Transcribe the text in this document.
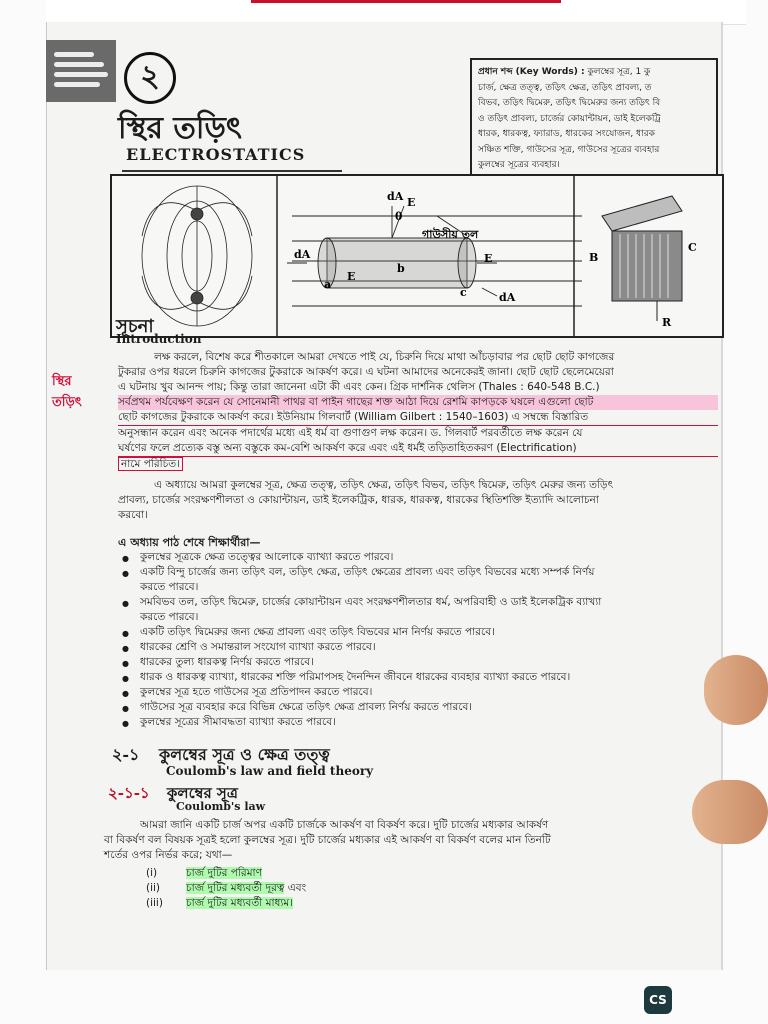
২
স্থির তড়িৎ
ELECTROSTATICS
প্রধান শব্দ (Key Words) : কুলম্বের সূত্র, 1 কু
চার্জ, ক্ষেত্র তত্ত্ব, তড়িৎ ক্ষেত্র, তড়িৎ প্রাবল্য, ত
বিভব, তড়িৎ দ্বিমেরু, তড়িৎ দ্বিমেরুর জন্য তড়িৎ বি
ও তড়িৎ প্রাবল্য, চার্জের কোয়ান্টায়ন, ডাই ইলেকট্রি
ধারক, ধারকত্ব, ফ্যারাড, ধারকের সংযোজন, ধারক
সঞ্চিত শক্তি, গাউসের সূত্র, গাউসের সূত্রের ব্যবহার
কুলম্বের সূত্রের ব্যবহার।
গাউসীয় তল
dA
dA
dA
E
E
E
θ
a
b
c
B
C
R
সূচনা
Introduction
স্থির
তড়িৎ
লক্ষ করলে, বিশেষ করে শীতকালে আমরা দেখতে পাই যে, চিরুনি দিয়ে মাথা আঁচড়াবার পর ছোট ছোট কাগজের
টুকরার ওপর ধরলে চিরুনি কাগজের টুকরাকে আকর্ষণ করে। এ ঘটনা আমাদের অনেকেরই জানা। ছোট ছোট ছেলেমেয়েরা
এ ঘটনায় খুব আনন্দ পায়; কিন্তু তারা জানেনা এটা কী এবং কেন। গ্রিক দার্শনিক থেলিস (Thales : 640-548 B.C.)
সর্বপ্রথম পর্যবেক্ষণ করেন যে সোনেমানী পাথর বা পাইন গাছের শক্ত আঠা দিয়ে রেশমি কাপড়কে ঘষলে এগুলো ছোট
ছোট কাগজের টুকরাকে আকর্ষণ করে। ইউনিয়াম গিলবার্ট (William Gilbert : 1540–1603) এ সম্বন্ধে বিস্তারিত
অনুসন্ধান করেন এবং অনেক পদার্থের মধ্যে এই ধর্ম বা গুণাগুণ লক্ষ করেন। ড. গিলবার্ট পরবর্তীতে লক্ষ করেন যে
ঘর্ষণের ফলে প্রত্যেক বস্তু অন্য বস্তুকে কম-বেশি আকর্ষণ করে এবং এই ধর্মই তড়িতাহিতকরণ (Electrification)
নামে পরিচিত।
এ অধ্যায়ে আমরা কুলম্বের সূত্র, ক্ষেত্র তত্ত্ব, তড়িৎ ক্ষেত্র, তড়িৎ বিভব, তড়িৎ দ্বিমেরু, তড়িৎ মেরুর জন্য তড়িৎ
প্রাবল্য, চার্জের সংরক্ষণশীলতা ও কোয়ান্টায়ন, ডাই ইলেকট্রিক, ধারক, ধারকত্ব, ধারকের স্থিতিশক্তি ইত্যাদি আলোচনা
করবো।
এ অধ্যায় পাঠ শেষে শিক্ষার্থীরা—
● কুলম্বের সূত্রকে ক্ষেত্র তত্ত্বের আলোকে ব্যাখ্যা করতে পারবে।
● একটি বিন্দু চার্জের জন্য তড়িৎ বল, তড়িৎ ক্ষেত্র, তড়িৎ ক্ষেত্রের প্রাবল্য এবং তড়িৎ বিভবের মধ্যে সম্পর্ক নির্ণয়
করতে পারবে।
● সমবিভব তল, তড়িৎ দ্বিমেরু, চার্জের কোয়ান্টায়ন এবং সংরক্ষণশীলতার ধর্ম, অপরিবাহী ও ডাই ইলেকট্রিক ব্যাখ্যা
করতে পারবে।
● একটি তড়িৎ দ্বিমেরুর জন্য ক্ষেত্র প্রাবল্য এবং তড়িৎ বিভবের মান নির্ণয় করতে পারবে।
● ধারকের শ্রেণি ও সমান্তরাল সংযোগ ব্যাখ্যা করতে পারবে।
● ধারকের তুল্য ধারকত্ব নির্ণয় করতে পারবে।
● ধারক ও ধারকত্ব ব্যাখ্যা, ধারকের শক্তি পরিমাপসহ দৈনন্দিন জীবনে ধারকের ব্যবহার ব্যাখ্যা করতে পারবে।
● কুলম্বের সূত্র হতে গাউসের সূত্র প্রতিপাদন করতে পারবে।
● গাউসের সূত্র ব্যবহার করে বিভিন্ন ক্ষেত্রে তড়িৎ ক্ষেত্র প্রাবল্য নির্ণয় করতে পারবে।
● কুলম্বের সূত্রের সীমাবদ্ধতা ব্যাখ্যা করতে পারবে।
২-১ কুলম্বের সূত্র ও ক্ষেত্র তত্ত্ব
Coulomb's law and field theory
২-১-১ কুলম্বের সূত্র
Coulomb's law
আমরা জানি একটি চার্জ অপর একটি চার্জকে আকর্ষণ বা বিকর্ষণ করে। দুটি চার্জের মধ্যকার আকর্ষণ
বা বিকর্ষণ বল বিষয়ক সূত্রই হলো কুলম্বের সূত্র। দুটি চার্জের মধ্যকার এই আকর্ষণ বা বিকর্ষণ বলের মান তিনটি
শর্তের ওপর নির্ভর করে; যথা—
(i)	চার্জ দুটির পরিমাণ
(ii) চার্জ দুটির মধ্যবর্তী দূরত্ব এবং
(iii) চার্জ দুটির মধ্যবর্তী মাধ্যম।
CS
